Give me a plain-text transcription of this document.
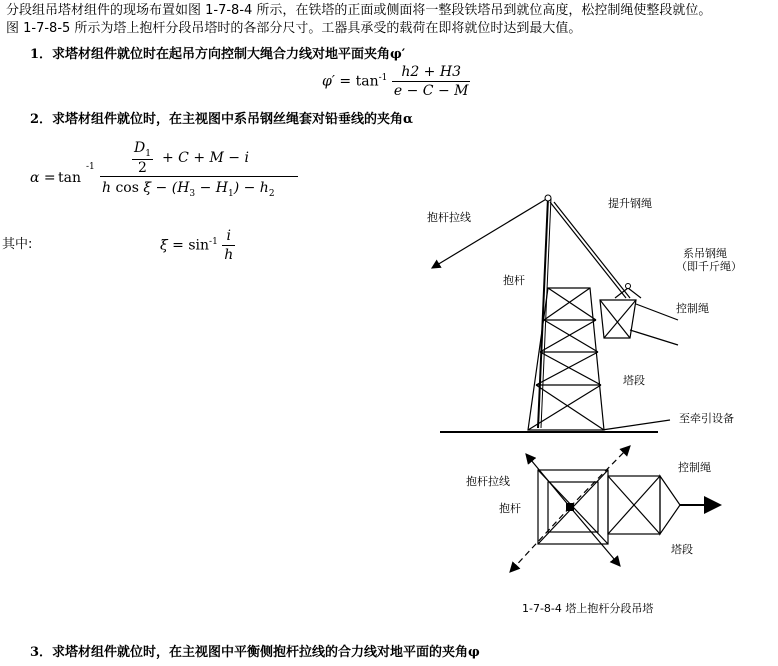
分段组吊塔材组件的现场布置如图 1-7-8-4 所示，在铁塔的正面或侧面将一整段铁塔吊到就位高度，松控制绳使整段就位。
图 1-7-8-5 所示为塔上抱杆分段吊塔时的各部分尺寸。工器具承受的载荷在即将就位时达到最大值。
1．求塔材组件就位时在起吊方向控制大绳合力线对地平面夹角φ′
$\varphi' = \tan^{-1} \frac{h2 + H3}{e - C - M}$
2．求塔材组件就位时，在主视图中系吊钢丝绳套对铅垂线的夹角α
α = tan
-1
$D_1$
2
+ C + M − i
h $\cos \xi - (H_3 - H_1) - h_2$
其中:	$\xi = \sin^{-1} \frac{i}{h}$
抱杆拉线
提升钢绳
系吊钢绳
（即千斤绳）
抱杆
控制绳
塔段
至牵引设备
抱杆拉线
抱杆
控制绳
塔段
1-7-8-4 塔上抱杆分段吊塔
3．求塔材组件就位时，在主视图中平衡侧抱杆拉线的合力线对地平面的夹角φ
